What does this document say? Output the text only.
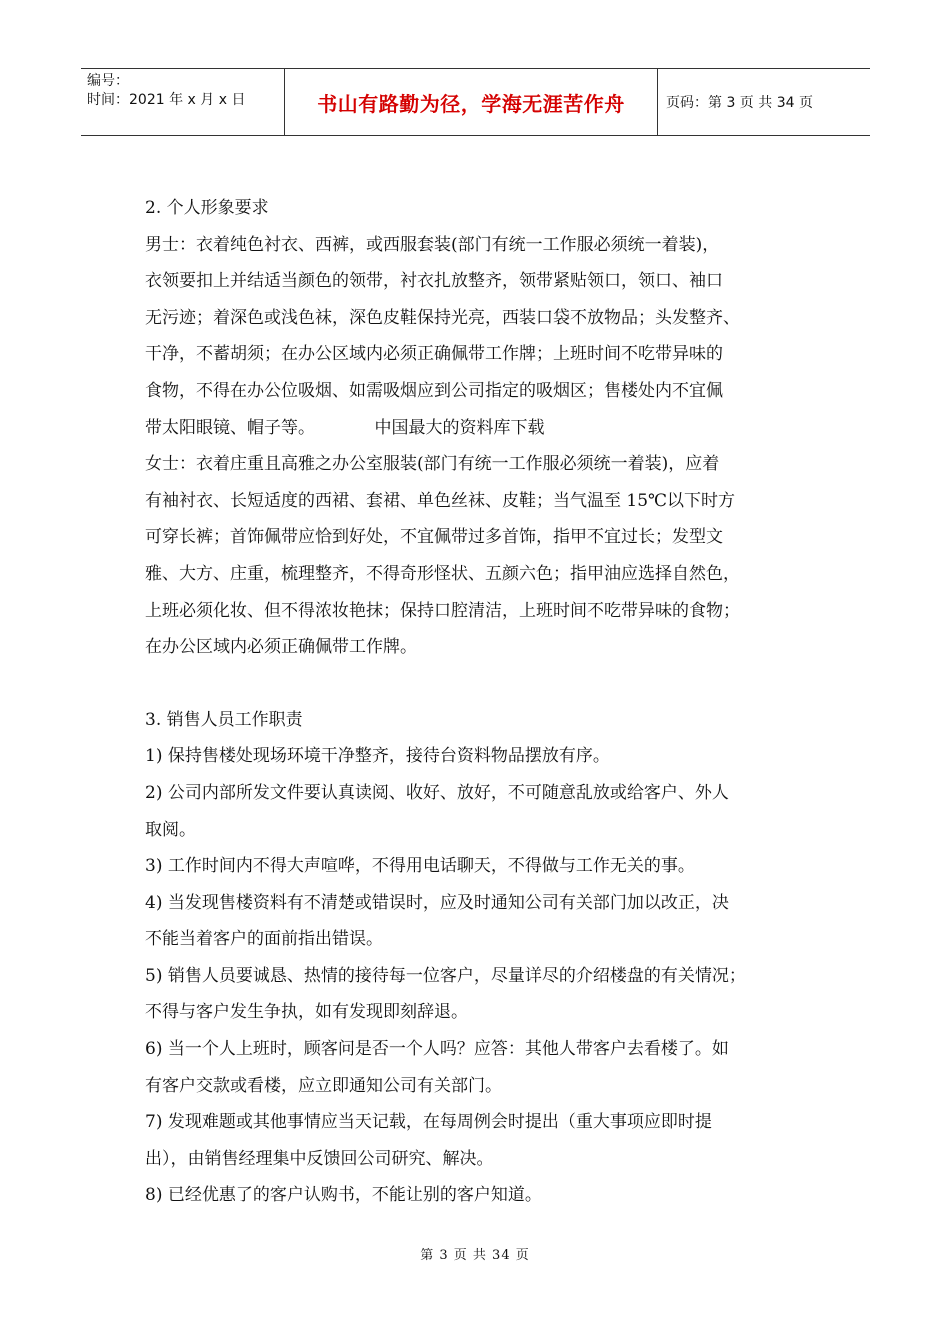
编号：
时间：2021 年 x 月 x 日	书山有路勤为径，学海无涯苦作舟	页码：第 3 页 共 34 页
2. 个人形象要求
男士：衣着纯色衬衣、西裤，或西服套装(部门有统一工作服必须统一着装)，
衣领要扣上并结适当颜色的领带，衬衣扎放整齐，领带紧贴领口，领口、袖口
无污迹；着深色或浅色袜，深色皮鞋保持光亮，西装口袋不放物品；头发整齐、
干净，不蓄胡须；在办公区域内必须正确佩带工作牌；上班时间不吃带异味的
食物，不得在办公位吸烟、如需吸烟应到公司指定的吸烟区；售楼处内不宜佩
带太阳眼镜、帽子等。           中国最大的资料库下载
女士：衣着庄重且高雅之办公室服装(部门有统一工作服必须统一着装)，应着
有袖衬衣、长短适度的西裙、套裙、单色丝袜、皮鞋；当气温至 15℃以下时方
可穿长裤；首饰佩带应恰到好处，不宜佩带过多首饰，指甲不宜过长；发型文
雅、大方、庄重，梳理整齐，不得奇形怪状、五颜六色；指甲油应选择自然色，
上班必须化妆、但不得浓妆艳抹；保持口腔清洁，上班时间不吃带异味的食物；
在办公区域内必须正确佩带工作牌。
3. 销售人员工作职责
1) 保持售楼处现场环境干净整齐，接待台资料物品摆放有序。
2) 公司内部所发文件要认真读阅、收好、放好，不可随意乱放或给客户、外人
取阅。
3) 工作时间内不得大声喧哗，不得用电话聊天，不得做与工作无关的事。
4) 当发现售楼资料有不清楚或错误时，应及时通知公司有关部门加以改正，决
不能当着客户的面前指出错误。
5) 销售人员要诚恳、热情的接待每一位客户，尽量详尽的介绍楼盘的有关情况；
不得与客户发生争执，如有发现即刻辞退。
6) 当一个人上班时，顾客问是否一个人吗？应答：其他人带客户去看楼了。如
有客户交款或看楼，应立即通知公司有关部门。
7) 发现难题或其他事情应当天记载，在每周例会时提出（重大事项应即时提
出），由销售经理集中反馈回公司研究、解决。
8) 已经优惠了的客户认购书，不能让别的客户知道。
第 3 页 共 34 页
